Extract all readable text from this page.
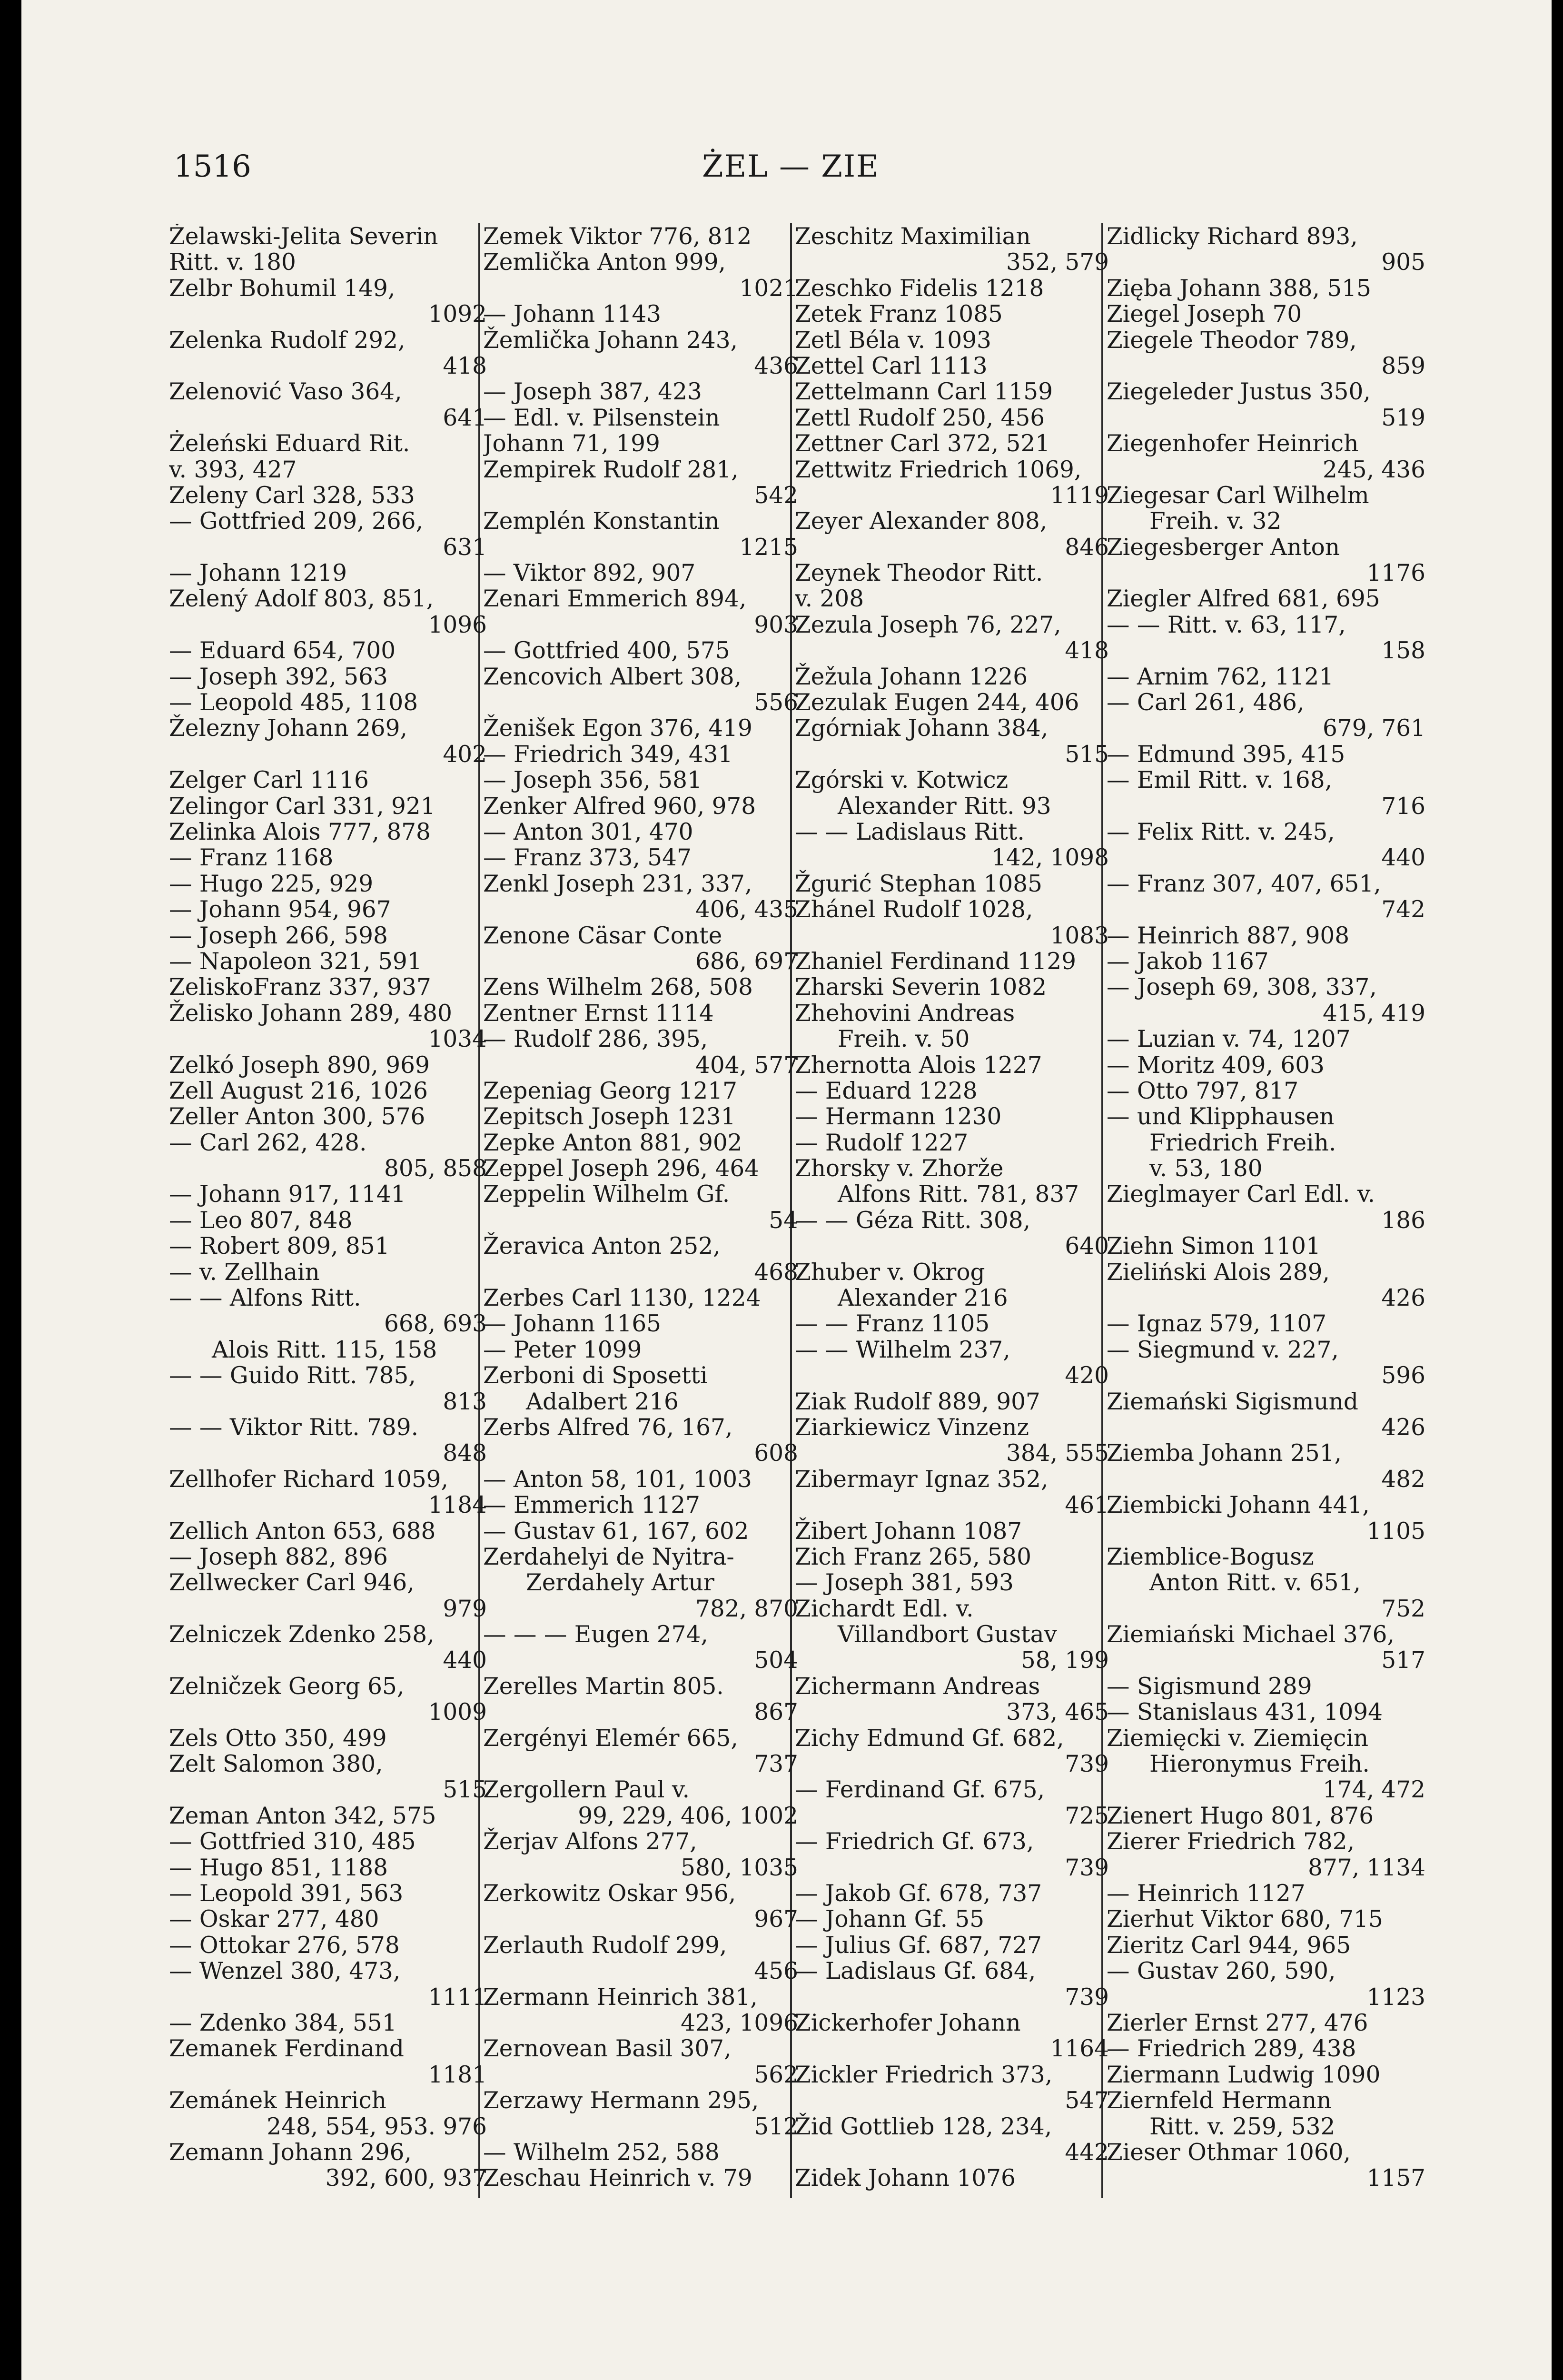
1516	ŻEL — ZIE
Żelawski-Jelita Severin
Ritt. v. 180
Zelbr Bohumil 149,
1092
Zelenka Rudolf 292,
418
Zelenović Vaso 364,
641
Żeleński Eduard Rit.
v. 393, 427
Zeleny Carl 328, 533
— Gottfried 209, 266,
631
— Johann 1219
Zelený Adolf 803, 851,
1096
— Eduard 654, 700
— Joseph 392, 563
— Leopold 485, 1108
Železny Johann 269,
402
Zelger Carl 1116
Zelingor Carl 331, 921
Zelinka Alois 777, 878
— Franz 1168
— Hugo 225, 929
— Johann 954, 967
— Joseph 266, 598
— Napoleon 321, 591
ZeliskoFranz 337, 937
Želisko Johann 289, 480
1034
Zelkó Joseph 890, 969
Zell August 216, 1026
Zeller Anton 300, 576
— Carl 262, 428.
805, 858
— Johann 917, 1141
— Leo 807, 848
— Robert 809, 851
— v. Zellhain
— — Alfons Ritt.
668, 693
Alois Ritt. 115, 158
— — Guido Ritt. 785,
813
— — Viktor Ritt. 789.
848
Zellhofer Richard 1059,
1184
Zellich Anton 653, 688
— Joseph 882, 896
Zellwecker Carl 946,
979
Zelniczek Zdenko 258,
440
Zelničzek Georg 65,
1009
Zels Otto 350, 499
Zelt Salomon 380,
515
Zeman Anton 342, 575
— Gottfried 310, 485
— Hugo 851, 1188
— Leopold 391, 563
— Oskar 277, 480
— Ottokar 276, 578
— Wenzel 380, 473,
1111
— Zdenko 384, 551
Zemanek Ferdinand
1181
Zemánek Heinrich
248, 554, 953. 976
Zemann Johann 296,
392, 600, 937
Zemek Viktor 776, 812
Zemlička Anton 999,
1021
— Johann 1143
Žemlička Johann 243,
436
— Joseph 387, 423
— Edl. v. Pilsenstein
Johann 71, 199
Zempirek Rudolf 281,
542
Zemplén Konstantin
1215
— Viktor 892, 907
Zenari Emmerich 894,
903
— Gottfried 400, 575
Zencovich Albert 308,
556
Ženišek Egon 376, 419
— Friedrich 349, 431
— Joseph 356, 581
Zenker Alfred 960, 978
— Anton 301, 470
— Franz 373, 547
Zenkl Joseph 231, 337,
406, 435
Zenone Cäsar Conte
686, 697
Zens Wilhelm 268, 508
Zentner Ernst 1114
— Rudolf 286, 395,
404, 577
Zepeniag Georg 1217
Zepitsch Joseph 1231
Zepke Anton 881, 902
Zeppel Joseph 296, 464
Zeppelin Wilhelm Gf.
54
Žeravica Anton 252,
468
Zerbes Carl 1130, 1224
— Johann 1165
— Peter 1099
Zerboni di Sposetti
Adalbert 216
Zerbs Alfred 76, 167,
608
— Anton 58, 101, 1003
— Emmerich 1127
— Gustav 61, 167, 602
Zerdahelyi de Nyitra-
Zerdahely Artur
782, 870
— — — Eugen 274,
504
Zerelles Martin 805.
867
Zergényi Elemér 665,
737
Zergollern Paul v.
99, 229, 406, 1002
Žerjav Alfons 277,
580, 1035
Zerkowitz Oskar 956,
967
Zerlauth Rudolf 299,
456
Zermann Heinrich 381,
423, 1096
Zernovean Basil 307,
562
Zerzawy Hermann 295,
512
— Wilhelm 252, 588
Zeschau Heinrich v. 79
Zeschitz Maximilian
352, 579
Zeschko Fidelis 1218
Zetek Franz 1085
Zetl Béla v. 1093
Zettel Carl 1113
Zettelmann Carl 1159
Zettl Rudolf 250, 456
Zettner Carl 372, 521
Zettwitz Friedrich 1069,
1119
Zeyer Alexander 808,
846
Zeynek Theodor Ritt.
v. 208
Zezula Joseph 76, 227,
418
Žežula Johann 1226
Zezulak Eugen 244, 406
Zgórniak Johann 384,
515
Zgórski v. Kotwicz
Alexander Ritt. 93
— — Ladislaus Ritt.
142, 1098
Žgurić Stephan 1085
Zhánel Rudolf 1028,
1083
Zhaniel Ferdinand 1129
Zharski Severin 1082
Zhehovini Andreas
Freih. v. 50
Zhernotta Alois 1227
— Eduard 1228
— Hermann 1230
— Rudolf 1227
Zhorsky v. Zhorže
Alfons Ritt. 781, 837
— — Géza Ritt. 308,
640
Zhuber v. Okrog
Alexander 216
— — Franz 1105
— — Wilhelm 237,
420
Ziak Rudolf 889, 907
Ziarkiewicz Vinzenz
384, 555
Zibermayr Ignaz 352,
461
Žibert Johann 1087
Zich Franz 265, 580
— Joseph 381, 593
Zichardt Edl. v.
Villandbort Gustav
58, 199
Zichermann Andreas
373, 465
Zichy Edmund Gf. 682,
739
— Ferdinand Gf. 675,
725
— Friedrich Gf. 673,
739
— Jakob Gf. 678, 737
— Johann Gf. 55
— Julius Gf. 687, 727
— Ladislaus Gf. 684,
739
Zickerhofer Johann
1164
Zickler Friedrich 373,
547
Žid Gottlieb 128, 234,
442
Zidek Johann 1076
Zidlicky Richard 893,
905
Zięba Johann 388, 515
Ziegel Joseph 70
Ziegele Theodor 789,
859
Ziegeleder Justus 350,
519
Ziegenhofer Heinrich
245, 436
Ziegesar Carl Wilhelm
Freih. v. 32
Ziegesberger Anton
1176
Ziegler Alfred 681, 695
— — Ritt. v. 63, 117,
158
— Arnim 762, 1121
— Carl 261, 486,
679, 761
— Edmund 395, 415
— Emil Ritt. v. 168,
716
— Felix Ritt. v. 245,
440
— Franz 307, 407, 651,
742
— Heinrich 887, 908
— Jakob 1167
— Joseph 69, 308, 337,
415, 419
— Luzian v. 74, 1207
— Moritz 409, 603
— Otto 797, 817
— und Klipphausen
Friedrich Freih.
v. 53, 180
Zieglmayer Carl Edl. v.
186
Ziehn Simon 1101
Zieliński Alois 289,
426
— Ignaz 579, 1107
— Siegmund v. 227,
596
Ziemański Sigismund
426
Ziemba Johann 251,
482
Ziembicki Johann 441,
1105
Ziemblice-Bogusz
Anton Ritt. v. 651,
752
Ziemiański Michael 376,
517
— Sigismund 289
— Stanislaus 431, 1094
Ziemięcki v. Ziemięcin
Hieronymus Freih.
174, 472
Zienert Hugo 801, 876
Zierer Friedrich 782,
877, 1134
— Heinrich 1127
Zierhut Viktor 680, 715
Zieritz Carl 944, 965
— Gustav 260, 590,
1123
Zierler Ernst 277, 476
— Friedrich 289, 438
Ziermann Ludwig 1090
Ziernfeld Hermann
Ritt. v. 259, 532
Zieser Othmar 1060,
1157
